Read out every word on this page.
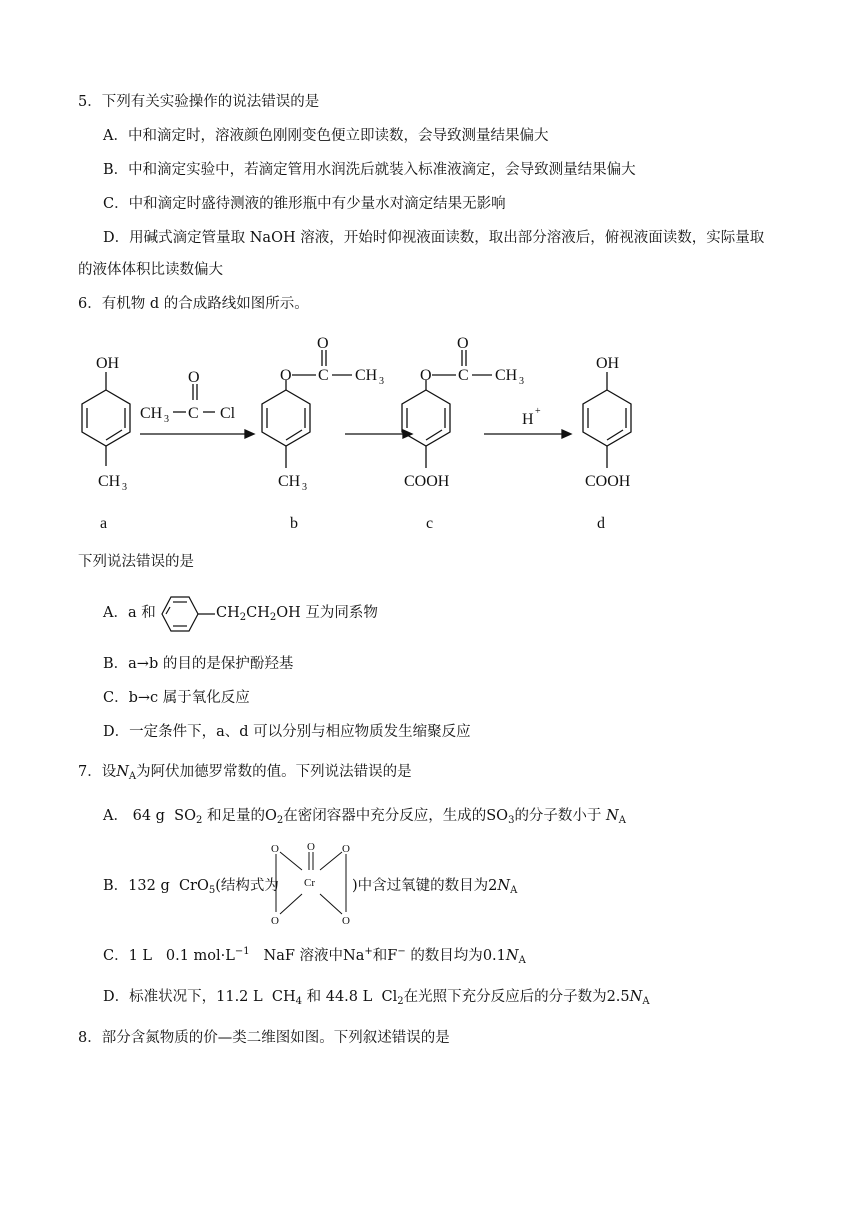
5．下列有关实验操作的说法错误的是
A．中和滴定时，溶液颜色刚刚变色便立即读数，会导致测量结果偏大
B．中和滴定实验中，若滴定管用水润洗后就装入标准液滴定，会导致测量结果偏大
C．中和滴定时盛待测液的锥形瓶中有少量水对滴定结果无影响
D．用碱式滴定管量取 NaOH 溶液，开始时仰视液面读数，取出部分溶液后，俯视液面读数，实际量取
的液体体积比读数偏大
6．有机物 d 的合成路线如图所示。
OH
CH 3
a
O
CH 3 C Cl
O
O
C CH 3
CH 3
b
O
O
C CH 3
COOH
c
H +
OH
COOH
d
下列说法错误的是
A．a 和	$CH_2CH_2OH$ 互为同系物
B．a→b 的目的是保护酚羟基
C．b→c 属于氧化反应
D．一定条件下，a、d 可以分别与相应物质发生缩聚反应
7．设$N_A$为阿伏加德罗常数的值。下列说法错误的是
A． 64 g  $SO_2$ 和足量的$O_2$在密闭容器中充分反应，生成的$SO_3$的分子数小于 $N_A$
B．132 g  CrO$_5$(结构式为
O	O O
Cr
O	O
)中含过氧键的数目为$2N_A$
C．1 L 0.1 $mol\cdot L^{-1}$ NaF 溶液中Na+和F− 的数目均为$0.1N_A$
D．标准状况下，11.2 L  $CH_4$ 和 44.8 L  $Cl_2$在光照下充分反应后的分子数为$2.5N_A$
8．部分含氮物质的价—类二维图如图。下列叙述错误的是
